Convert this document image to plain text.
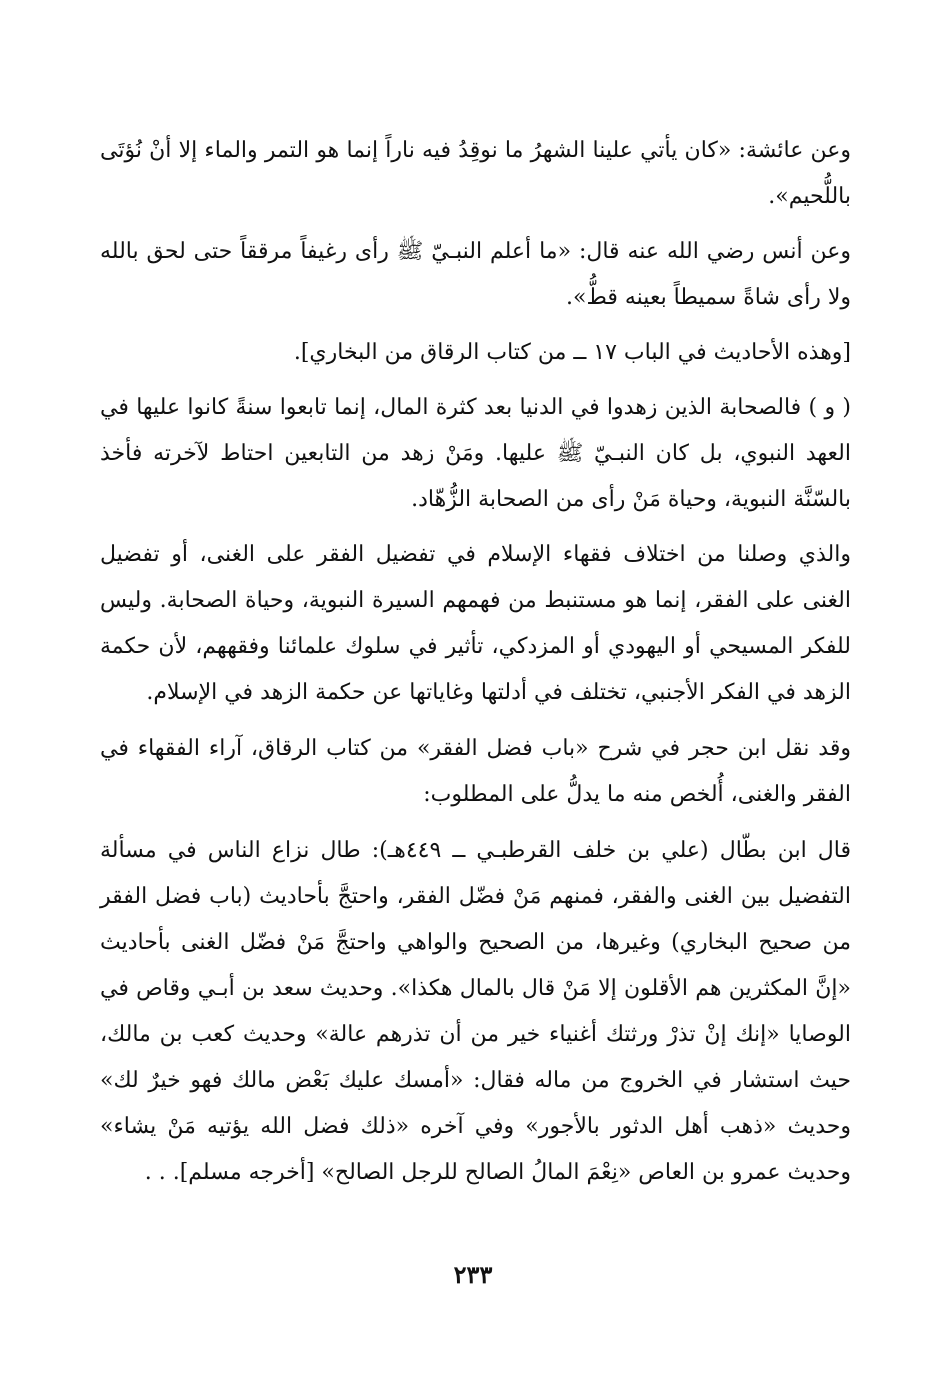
وعن عائشة: «كان يأتي علينا الشهرُ ما نوقِدُ فيه ناراً إنما هو التمر والماء إلا أنْ نُؤتَى باللُّحيم».

وعن أنس رضي الله عنه قال: «ما أعلم النبـيّ ﷺ رأى رغيفاً مرققاً حتى لحق بالله ولا رأى شاةً سميطاً بعينه قطُّ».

[وهذه الأحاديث في الباب ١٧ ــ من كتاب الرقاق من البخاري].

( و ) فالصحابة الذين زهدوا في الدنيا بعد كثرة المال، إنما تابعوا سنةً كانوا عليها في العهد النبوي، بل كان النبـيّ ﷺ عليها. ومَنْ زهد من التابعين احتاط لآخرته فأخذ بالسّنَّة النبوية، وحياة مَنْ رأى من الصحابة الزُّهّاد.

والذي وصلنا من اختلاف فقهاء الإسلام في تفضيل الفقر على الغنى، أو تفضيل الغنى على الفقر، إنما هو مستنبط من فهمهم السيرة النبوية، وحياة الصحابة. وليس للفكر المسيحي أو اليهودي أو المزدكي، تأثير في سلوك علمائنا وفقههم، لأن حكمة الزهد في الفكر الأجنبي، تختلف في أدلتها وغاياتها عن حكمة الزهد في الإسلام.

وقد نقل ابن حجر في شرح «باب فضل الفقر» من كتاب الرقاق، آراء الفقهاء في الفقر والغنى، أُلخص منه ما يدلُّ على المطلوب:

قال ابن بطّال (علي بن خلف القرطبـي ــ ٤٤٩هـ): طال نزاع الناس في مسألة التفضيل بين الغنى والفقر، فمنهم مَنْ فضّل الفقر، واحتجَّ بأحاديث (باب فضل الفقر من صحيح البخاري) وغيرها، من الصحيح والواهي واحتجَّ مَنْ فضّل الغنى بأحاديث «إنَّ المكثرين هم الأقلون إلا مَنْ قال بالمال هكذا». وحديث سعد بن أبـي وقاص في الوصايا «إنك إنْ تذرْ ورثتك أغنياء خير من أن تذرهم عالة» وحديث كعب بن مالك، حيث استشار في الخروج من ماله فقال: «أمسك عليك بَعْض مالك فهو خيرٌ لك» وحديث «ذهب أهل الدثور بالأجور» وفي آخره «ذلك فضل الله يؤتيه مَنْ يشاء» وحديث عمرو بن العاص «نِعْمَ المالُ الصالح للرجل الصالح» [أخرجه مسلم]. . .

٢٣٣
